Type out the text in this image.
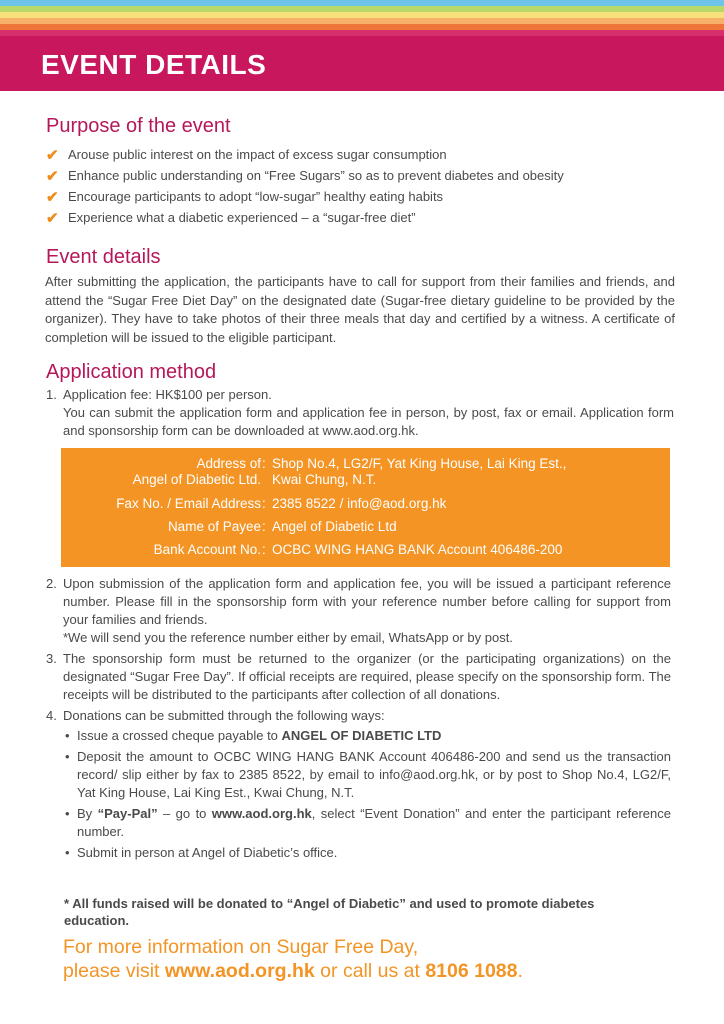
EVENT DETAILS
Purpose of the event
✔ Arouse public interest on the impact of excess sugar consumption
✔ Enhance public understanding on “Free Sugars” so as to prevent diabetes and obesity
✔ Encourage participants to adopt “low-sugar” healthy eating habits
✔ Experience what a diabetic experienced – a “sugar-free diet”
Event details

After submitting the application, the participants have to call for support from their families and friends, and attend the “Sugar Free Diet Day” on the designated date (Sugar-free dietary guideline to be provided by the organizer). They have to take photos of their three meals that day and certified by a witness. A certificate of completion will be issued to the eligible participant.

Application method
1. Application fee: HK$100 per person.
You can submit the application form and application fee in person, by post, fax or email. Application form and sponsorship form can be downloaded at www.aod.org.hk.
Address of : Shop No.4, LG2/F, Yat King House, Lai King Est.,
Angel of Diabetic Ltd. Kwai Chung, N.T.
Fax No. / Email Address : 2385 8522 / info@aod.org.hk
Name of Payee : Angel of Diabetic Ltd
Bank Account No. : OCBC WING HANG BANK Account 406486-200
2. Upon submission of the application form and application fee, you will be issued a participant reference number. Please fill in the sponsorship form with your reference number before calling for support from your families and friends.
*We will send you the reference number either by email, WhatsApp or by post.
3. The sponsorship form must be returned to the organizer (or the participating organizations) on the designated “Sugar Free Day”. If official receipts are required, please specify on the sponsorship form. The receipts will be distributed to the participants after collection of all donations.
4. Donations can be submitted through the following ways:
• Issue a crossed cheque payable to ANGEL OF DIABETIC LTD
• Deposit the amount to OCBC WING HANG BANK Account 406486-200 and send us the transaction record/ slip either by fax to 2385 8522, by email to info@aod.org.hk, or by post to Shop No.4, LG2/F, Yat King House, Lai King Est., Kwai Chung, N.T.
• By “Pay-Pal” – go to www.aod.org.hk, select “Event Donation” and enter the participant reference number.
• Submit in person at Angel of Diabetic’s office.
* All funds raised will be donated to “Angel of Diabetic” and used to promote diabetes education.
For more information on Sugar Free Day,
please visit www.aod.org.hk or call us at 8106 1088.
